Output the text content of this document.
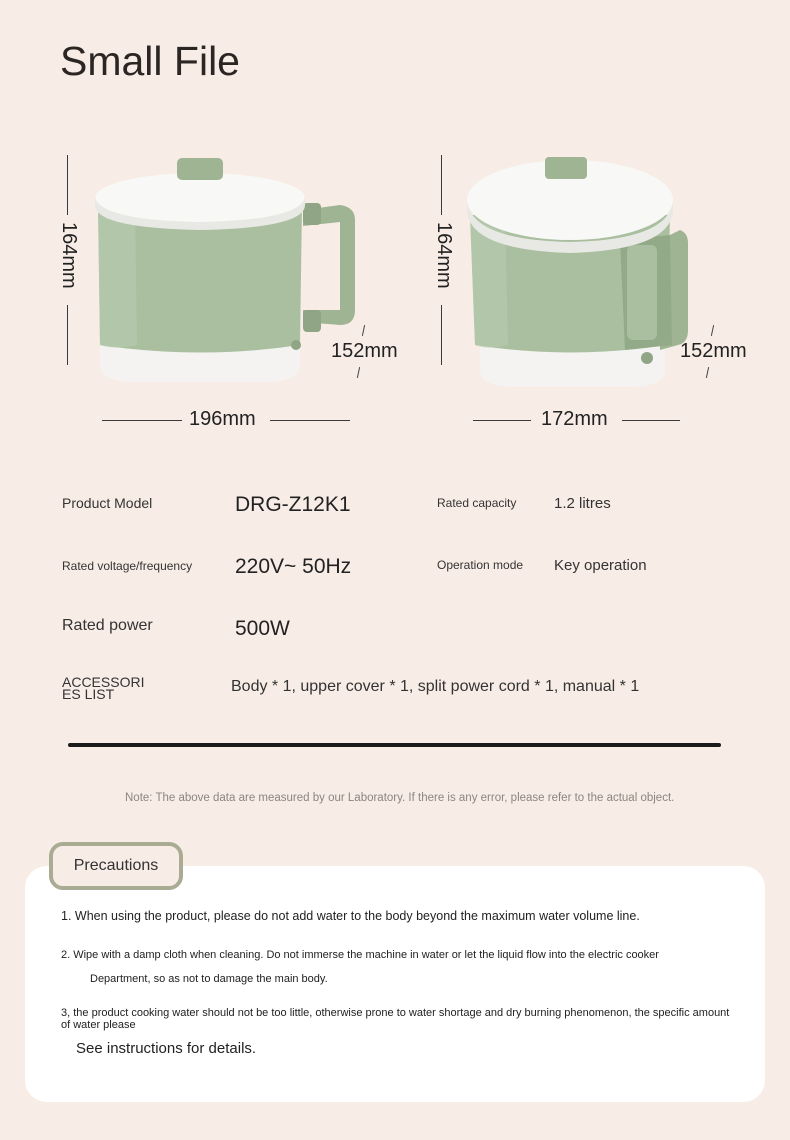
Small File
164mm
196mm
152mm
164mm
172mm
152mm
Product Model	DRG-Z12K1	Rated capacity	1.2 litres
Rated voltage/frequency 220V~ 50Hz	Operation mode Key operation
Rated power	500W
ACCESSORI ES LIST	Body * 1, upper cover * 1, split power cord * 1, manual * 1
Note: The above data are measured by our Laboratory. If there is any error, please refer to the actual object.
Precautions
1. When using the product, please do not add water to the body beyond the maximum water volume line.
2. Wipe with a damp cloth when cleaning. Do not immerse the machine in water or let the liquid flow into the electric cooker
Department, so as not to damage the main body.
3, the product cooking water should not be too little, otherwise prone to water shortage and dry burning phenomenon, the specific amount of water please
See instructions for details.
